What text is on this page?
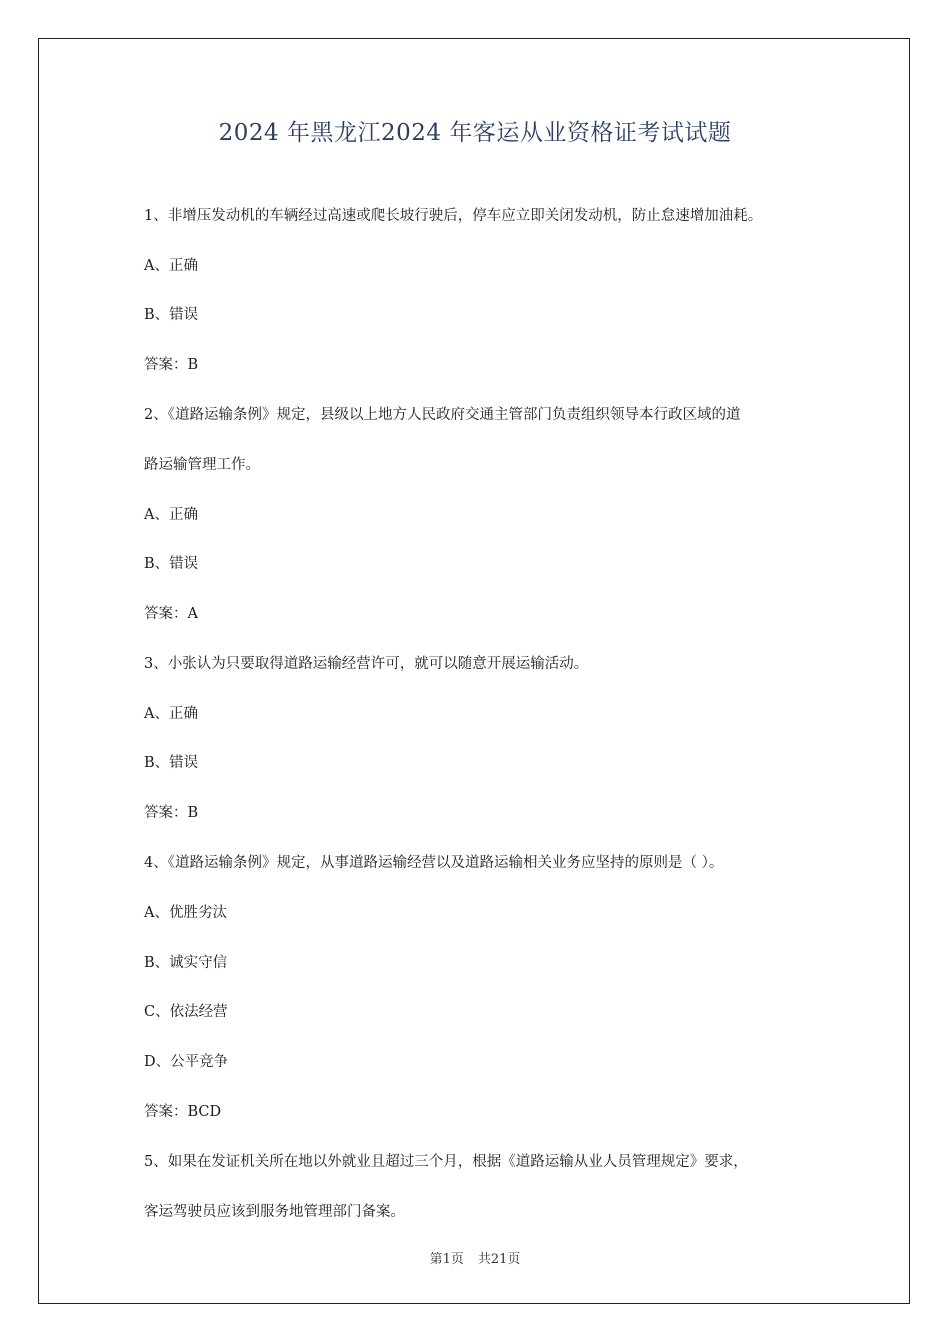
2024 年黑龙江2024 年客运从业资格证考试试题
1、非增压发动机的车辆经过高速或爬长坡行驶后，停车应立即关闭发动机，防止怠速增加油耗。
A、正确
B、错误
答案：B
2、《道路运输条例》规定，县级以上地方人民政府交通主管部门负责组织领导本行政区域的道
路运输管理工作。
A、正确
B、错误
答案：A
3、小张认为只要取得道路运输经营许可，就可以随意开展运输活动。
A、正确
B、错误
答案：B
4、《道路运输条例》规定，从事道路运输经营以及道路运输相关业务应坚持的原则是（ ）。
A、优胜劣汰
B、诚实守信
C、依法经营
D、公平竞争
答案：BCD
5、如果在发证机关所在地以外就业且超过三个月，根据《道路运输从业人员管理规定》要求，
客运驾驶员应该到服务地管理部门备案。
第1页 共21页
